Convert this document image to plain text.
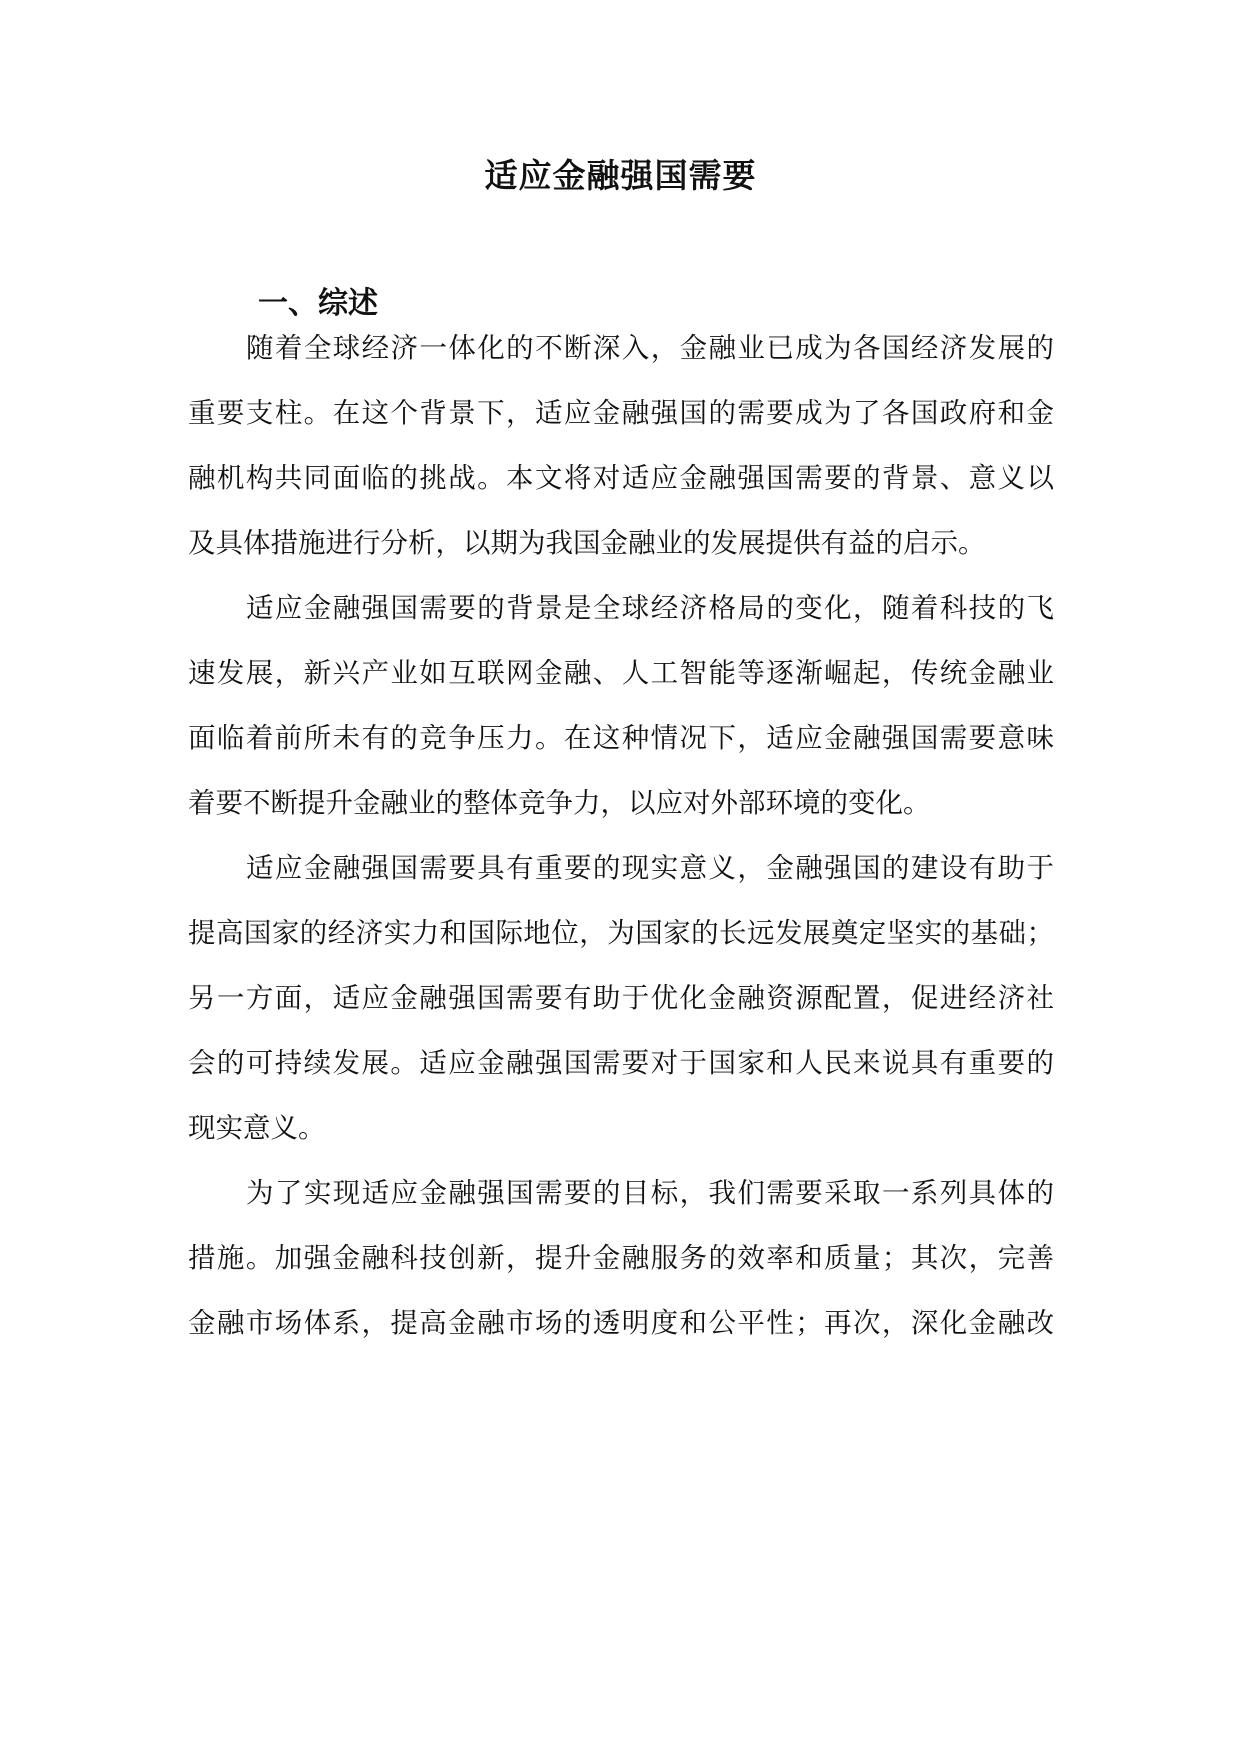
适应金融强国需要
一、综述

随着全球经济一体化的不断深入，金融业已成为各国经济发展的

重要支柱。在这个背景下，适应金融强国的需要成为了各国政府和金

融机构共同面临的挑战。本文将对适应金融强国需要的背景、意义以

及具体措施进行分析，以期为我国金融业的发展提供有益的启示。

适应金融强国需要的背景是全球经济格局的变化，随着科技的飞

速发展，新兴产业如互联网金融、人工智能等逐渐崛起，传统金融业

面临着前所未有的竞争压力。在这种情况下，适应金融强国需要意味

着要不断提升金融业的整体竞争力，以应对外部环境的变化。

适应金融强国需要具有重要的现实意义，金融强国的建设有助于

提高国家的经济实力和国际地位，为国家的长远发展奠定坚实的基础；

另一方面，适应金融强国需要有助于优化金融资源配置，促进经济社

会的可持续发展。适应金融强国需要对于国家和人民来说具有重要的

现实意义。

为了实现适应金融强国需要的目标，我们需要采取一系列具体的

措施。加强金融科技创新，提升金融服务的效率和质量；其次，完善

金融市场体系，提高金融市场的透明度和公平性；再次，深化金融改
